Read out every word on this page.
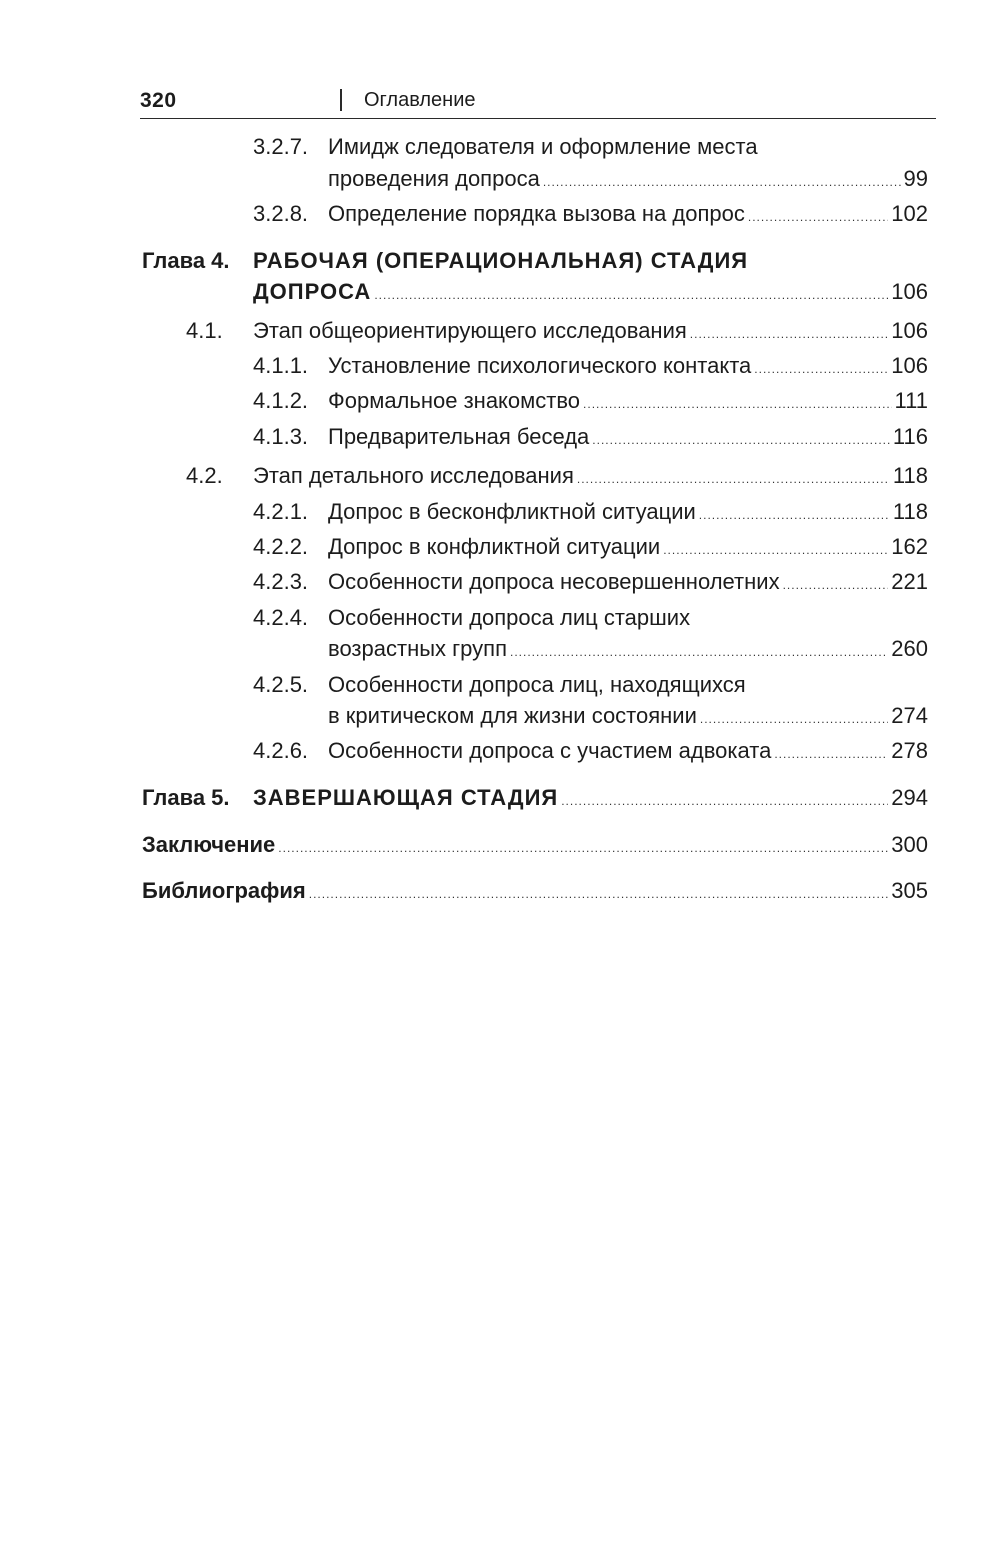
320	Оглавление
3.2.7. Имидж следователя и оформление места
проведения допроса .....	99
3.2.8. Определение порядка вызова на допрос .....	102
Глава 4. РАБОЧАЯ (ОПЕРАЦИОНАЛЬНАЯ) СТАДИЯ
ДОПРОСА .....	106
4.1. Этап общеориентирующего исследования .....	106
4.1.1. Установление психологического контакта .....	106
4.1.2. Формальное знакомство .....	111
4.1.3. Предварительная беседа .....	116
4.2. Этап детального исследования .....	118
4.2.1. Допрос в бесконфликтной ситуации .....	118
4.2.2. Допрос в конфликтной ситуации .....	162
4.2.3. Особенности допроса несовершеннолетних .....	221
4.2.4. Особенности допроса лиц старших
возрастных групп .....	260
4.2.5. Особенности допроса лиц, находящихся
в критическом для жизни состоянии .....	274
4.2.6. Особенности допроса с участием адвоката .....	278
Глава 5. ЗАВЕРШАЮЩАЯ СТАДИЯ .....	294
Заключение .....	300
Библиография .....	305
